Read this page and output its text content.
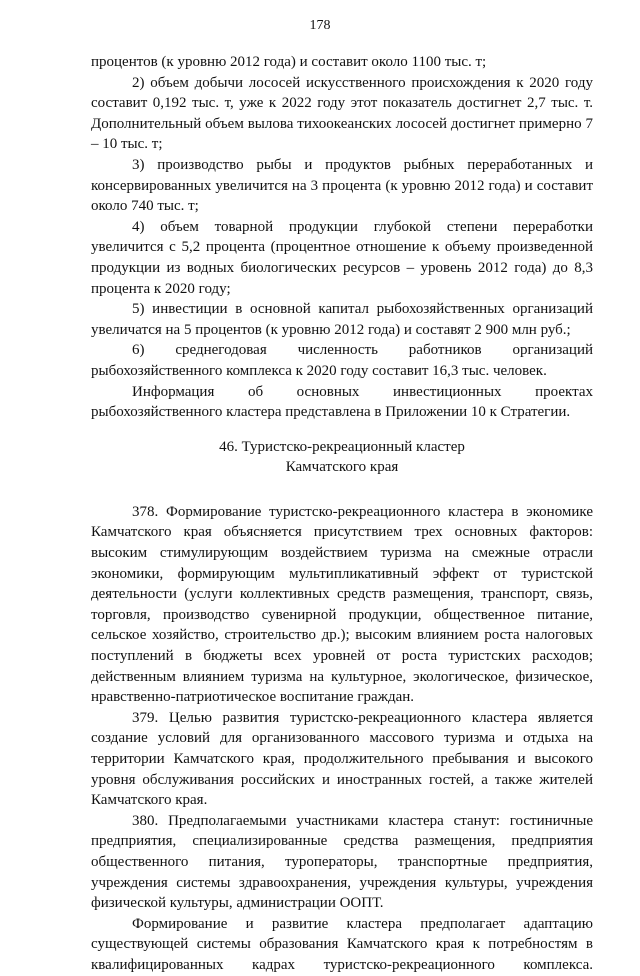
178

процентов (к уровню 2012 года) и составит около 1100 тыс. т;

2) объем добычи лососей искусственного происхождения к 2020 году составит 0,192 тыс. т, уже к 2022 году этот показатель достигнет 2,7 тыс. т. Дополнительный объем вылова тихоокеанских лососей достигнет примерно 7 – 10 тыс. т;

3) производство рыбы и продуктов рыбных переработанных и консервированных увеличится на 3 процента (к уровню 2012 года) и составит около 740 тыс. т;

4) объем товарной продукции глубокой степени переработки увеличится с 5,2 процента (процентное отношение к объему произведенной продукции из водных биологических ресурсов – уровень 2012 года) до 8,3 процента к 2020 году;

5) инвестиции в основной капитал рыбохозяйственных организаций увеличатся на 5 процентов (к уровню 2012 года) и составят 2 900 млн руб.;

6) среднегодовая численность работников организаций рыбохозяйственного комплекса к 2020 году составит 16,3 тыс. человек.

Информация об основных инвестиционных проектах рыбохозяйственного кластера представлена в Приложении 10 к Стратегии.

46. Туристско-рекреационный кластер
Камчатского края

378. Формирование туристско-рекреационного кластера в экономике Камчатского края объясняется присутствием трех основных факторов: высоким стимулирующим воздействием туризма на смежные отрасли экономики, формирующим мультипликативный эффект от туристской деятельности (услуги коллективных средств размещения, транспорт, связь, торговля, производство сувенирной продукции, общественное питание, сельское хозяйство, строительство др.); высоким влиянием роста налоговых поступлений в бюджеты всех уровней от роста туристских расходов; действенным влиянием туризма на культурное, экологическое, физическое, нравственно-патриотическое воспитание граждан.

379. Целью развития туристско-рекреационного кластера является создание условий для организованного массового туризма и отдыха на территории Камчатского края, продолжительного пребывания и высокого уровня обслуживания российских и иностранных гостей, а также жителей Камчатского края.

380. Предполагаемыми участниками кластера станут: гостиничные предприятия, специализированные средства размещения, предприятия общественного питания, туроператоры, транспортные предприятия, учреждения системы здравоохранения, учреждения культуры, учреждения физической культуры, администрации ООПТ.

Формирование и развитие кластера предполагает адаптацию существующей системы образования Камчатского края к потребностям в квалифицированных кадрах туристско-рекреационного комплекса.
